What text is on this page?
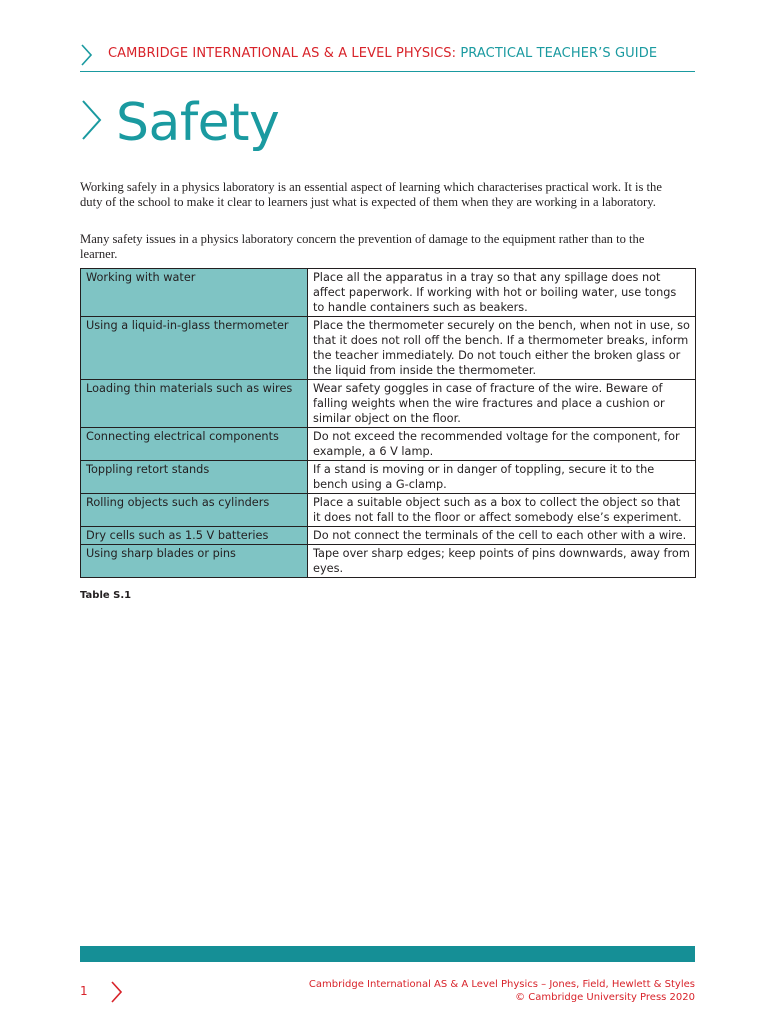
CAMBRIDGE INTERNATIONAL AS & A LEVEL PHYSICS: PRACTICAL TEACHER’S GUIDE
Safety

Working safely in a physics laboratory is an essential aspect of learning which characterises practical work. It is the duty of the school to make it clear to learners just what is expected of them when they are working in a laboratory.

Many safety issues in a physics laboratory concern the prevention of damage to the equipment rather than to the learner.

Working with water	Place all the apparatus in a tray so that any spillage does not affect paperwork. If working with hot or boiling water, use tongs to handle containers such as beakers.
Using a liquid-in-glass thermometer	Place the thermometer securely on the bench, when not in use, so that it does not roll off the bench. If a thermometer breaks, inform the teacher immediately. Do not touch either the broken glass or the liquid from inside the thermometer.
Loading thin materials such as wires	Wear safety goggles in case of fracture of the wire. Beware of falling weights when the wire fractures and place a cushion or similar object on the floor.
Connecting electrical components	Do not exceed the recommended voltage for the component, for example, a 6 V lamp.
Toppling retort stands	If a stand is moving or in danger of toppling, secure it to the bench using a G-clamp.
Rolling objects such as cylinders	Place a suitable object such as a box to collect the object so that it does not fall to the floor or affect somebody else’s experiment.
Dry cells such as 1.5 V batteries	Do not connect the terminals of the cell to each other with a wire.
Using sharp blades or pins	Tape over sharp edges; keep points of pins downwards, away from eyes.
Table S.1
1	Cambridge International AS & A Level Physics – Jones, Field, Hewlett & Styles
© Cambridge University Press 2020
